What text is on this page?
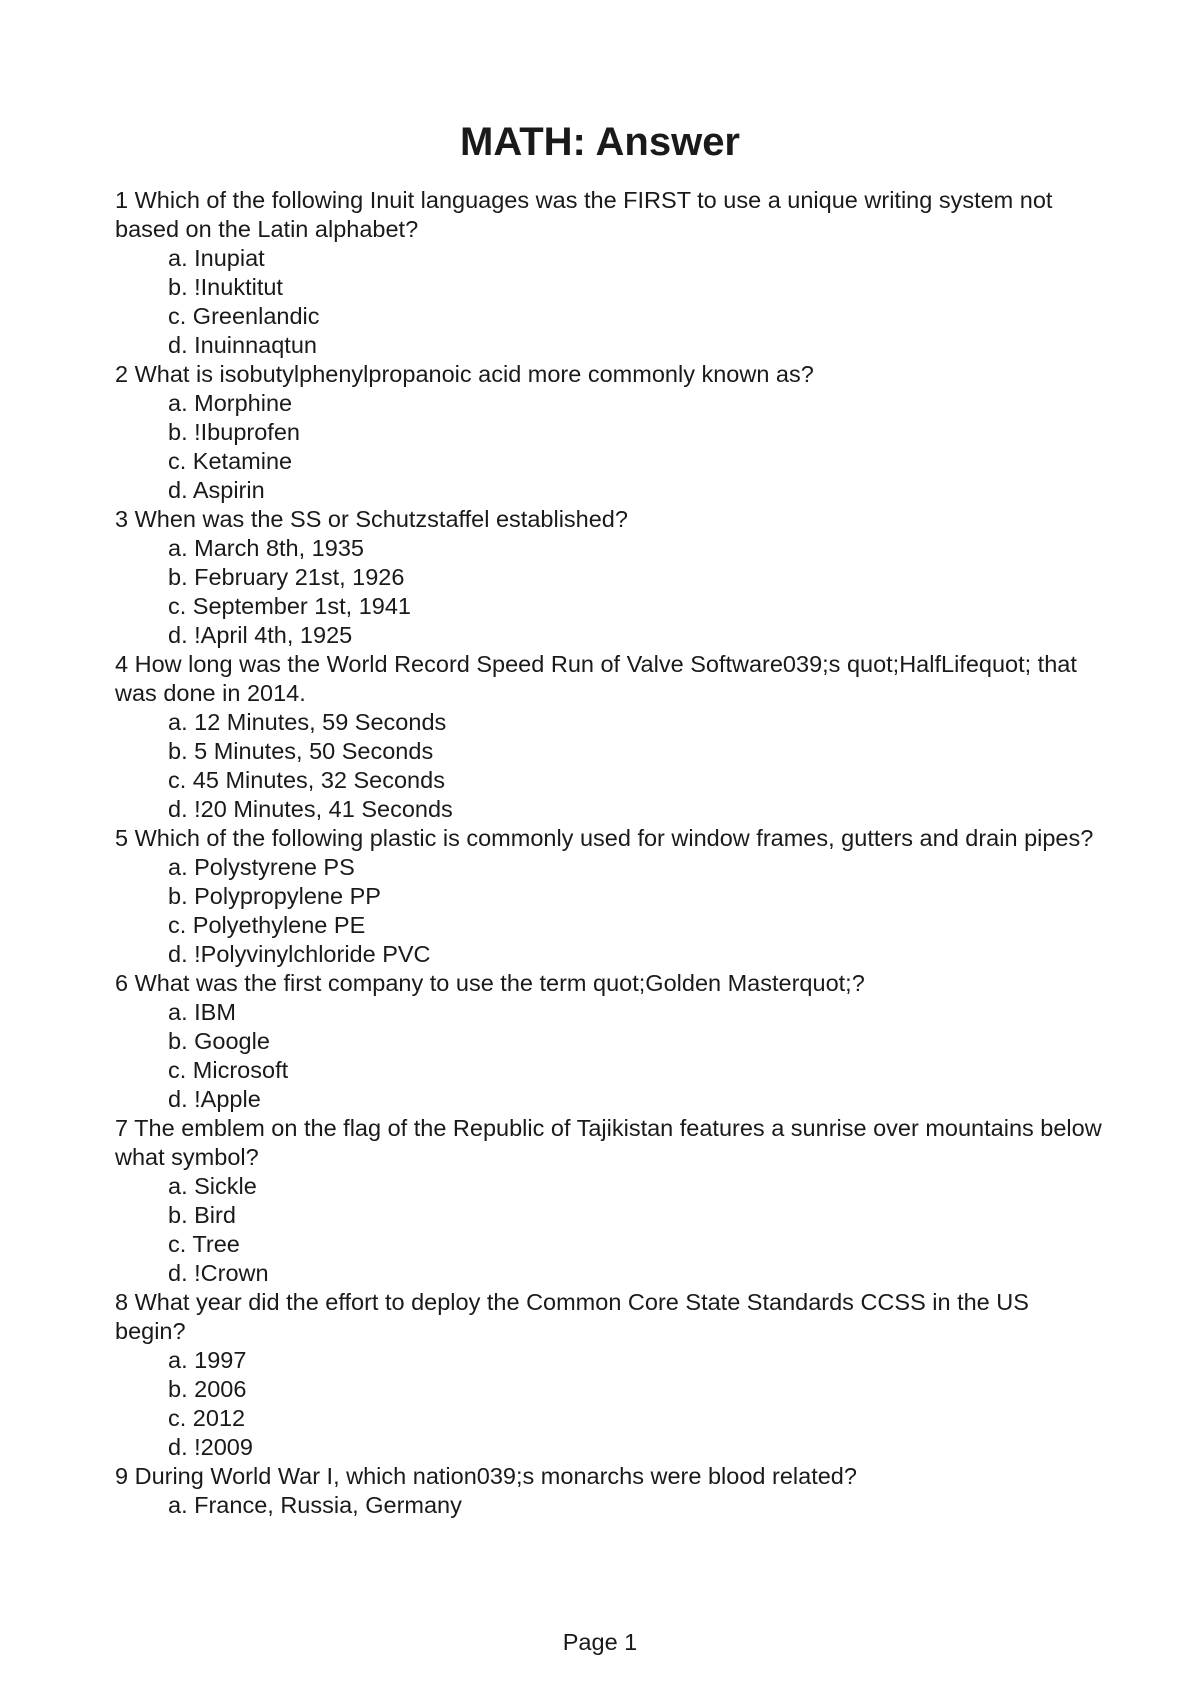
MATH: Answer
1 Which of the following Inuit languages was the FIRST to use a unique writing system not based on the Latin alphabet?
a. Inupiat
b. !Inuktitut
c. Greenlandic
d. Inuinnaqtun
2 What is isobutylphenylpropanoic acid more commonly known as?
a. Morphine
b. !Ibuprofen
c. Ketamine
d. Aspirin
3 When was the SS or Schutzstaffel established?
a. March 8th, 1935
b. February 21st, 1926
c. September 1st, 1941
d. !April 4th, 1925
4 How long was the World Record Speed Run of Valve Software039;s quot;HalfLifequot; that was done in 2014.
a. 12 Minutes, 59 Seconds
b. 5 Minutes, 50 Seconds
c. 45 Minutes, 32 Seconds
d. !20 Minutes, 41 Seconds
5 Which of the following plastic is commonly used for window frames, gutters and drain pipes?
a. Polystyrene PS
b. Polypropylene PP
c. Polyethylene PE
d. !Polyvinylchloride PVC
6 What was the first company to use the term quot;Golden Masterquot;?
a. IBM
b. Google
c. Microsoft
d. !Apple
7 The emblem on the flag of the Republic of Tajikistan features a sunrise over mountains below what symbol?
a. Sickle
b. Bird
c. Tree
d. !Crown
8 What year did the effort to deploy the Common Core State Standards CCSS in the US begin?
a. 1997
b. 2006
c. 2012
d. !2009
9 During World War I, which nation039;s monarchs were blood related?
a. France, Russia, Germany
Page 1
